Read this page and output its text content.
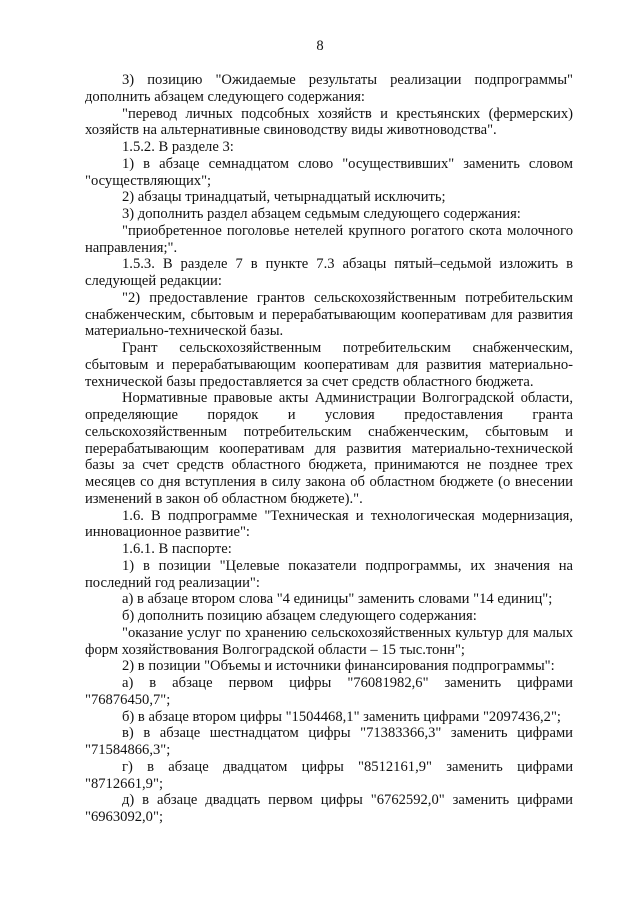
8

3) позицию "Ожидаемые результаты реализации подпрограммы" дополнить абзацем следующего содержания:

"перевод личных подсобных хозяйств и крестьянских (фермерских) хозяйств на альтернативные свиноводству виды животноводства".

1.5.2. В разделе 3:

1) в абзаце семнадцатом слово "осуществивших" заменить словом "осуществляющих";

2) абзацы тринадцатый, четырнадцатый исключить;

3) дополнить раздел абзацем седьмым следующего содержания:

"приобретенное поголовье нетелей крупного рогатого скота молочного направления;".

1.5.3. В разделе 7 в пункте 7.3 абзацы пятый–седьмой изложить в следующей редакции:

"2) предоставление грантов сельскохозяйственным потребительским снабженческим, сбытовым и перерабатывающим кооперативам для развития материально-технической базы.

Грант сельскохозяйственным потребительским снабженческим, сбытовым и перерабатывающим кооперативам для развития материально-технической базы предоставляется за счет средств областного бюджета.

Нормативные правовые акты Администрации Волгоградской области, определяющие порядок и условия предоставления гранта сельскохозяйственным потребительским снабженческим, сбытовым и перерабатывающим кооперативам для развития материально-технической базы за счет средств областного бюджета, принимаются не позднее трех месяцев со дня вступления в силу закона об областном бюджете (о внесении изменений в закон об областном бюджете).".

1.6. В подпрограмме "Техническая и технологическая модернизация, инновационное развитие":

1.6.1. В паспорте:

1) в позиции "Целевые показатели подпрограммы, их значения на последний год реализации":

а) в абзаце втором слова "4 единицы" заменить словами "14 единиц";

б) дополнить позицию абзацем следующего содержания:

"оказание услуг по хранению сельскохозяйственных культур для малых форм хозяйствования Волгоградской области – 15 тыс.тонн";

2) в позиции "Объемы и источники финансирования подпрограммы":

а) в абзаце первом цифры "76081982,6" заменить цифрами "76876450,7";

б) в абзаце втором цифры "1504468,1" заменить цифрами "2097436,2";

в) в абзаце шестнадцатом цифры "71383366,3" заменить цифрами "71584866,3";

г) в абзаце двадцатом цифры "8512161,9" заменить цифрами "8712661,9";

д) в абзаце двадцать первом цифры "6762592,0" заменить цифрами "6963092,0";
